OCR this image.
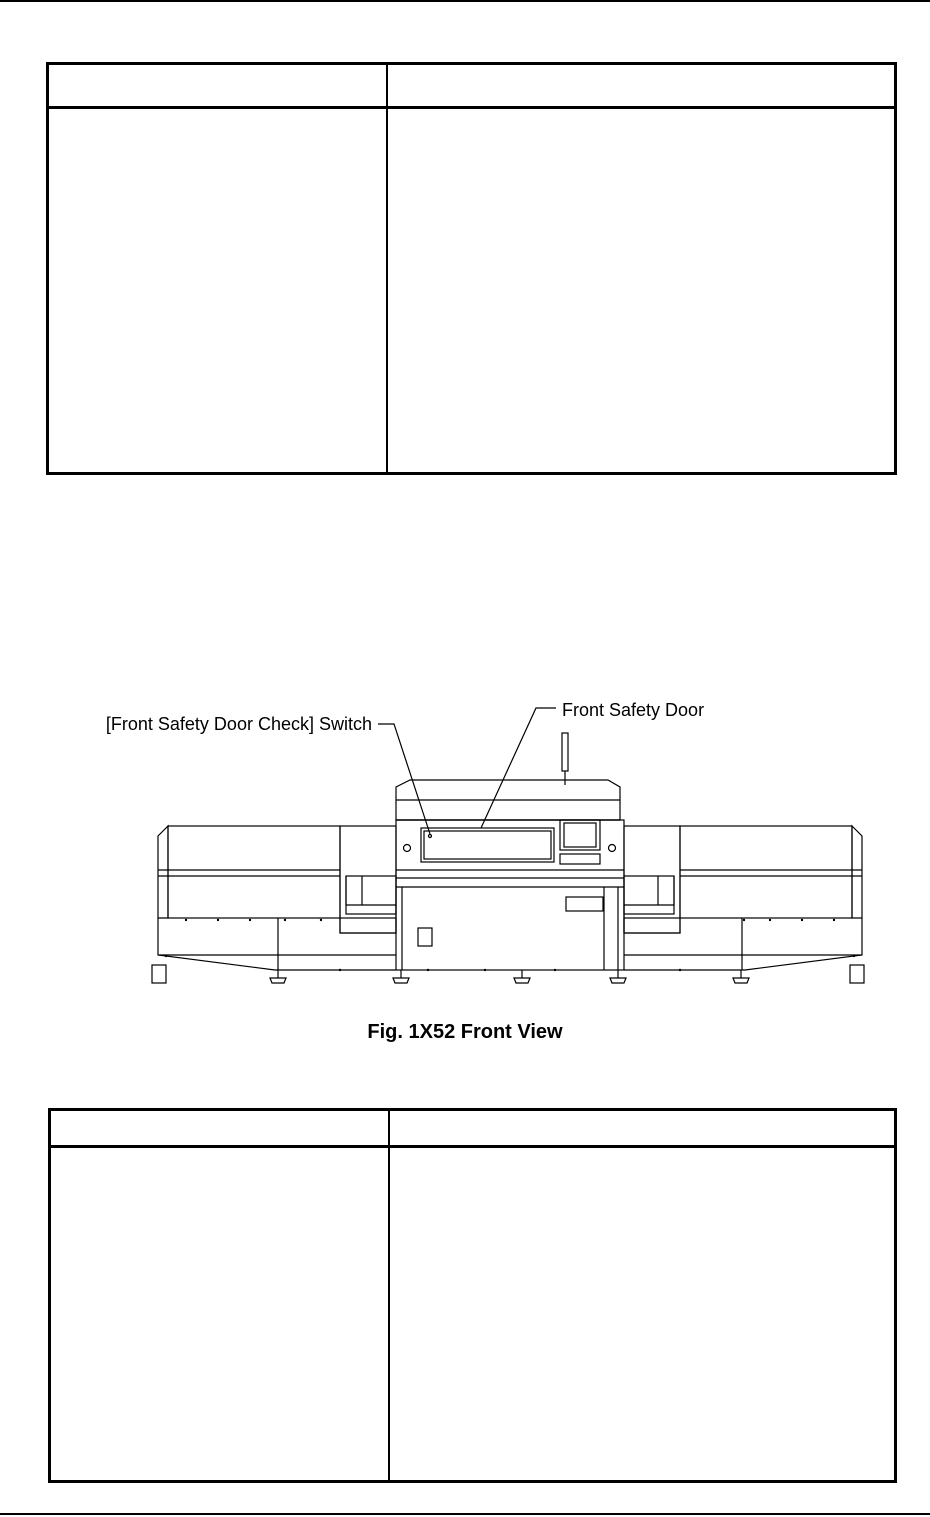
[Front Safety Door Check] Switch
Front Safety Door
Fig. 1X52 Front View
